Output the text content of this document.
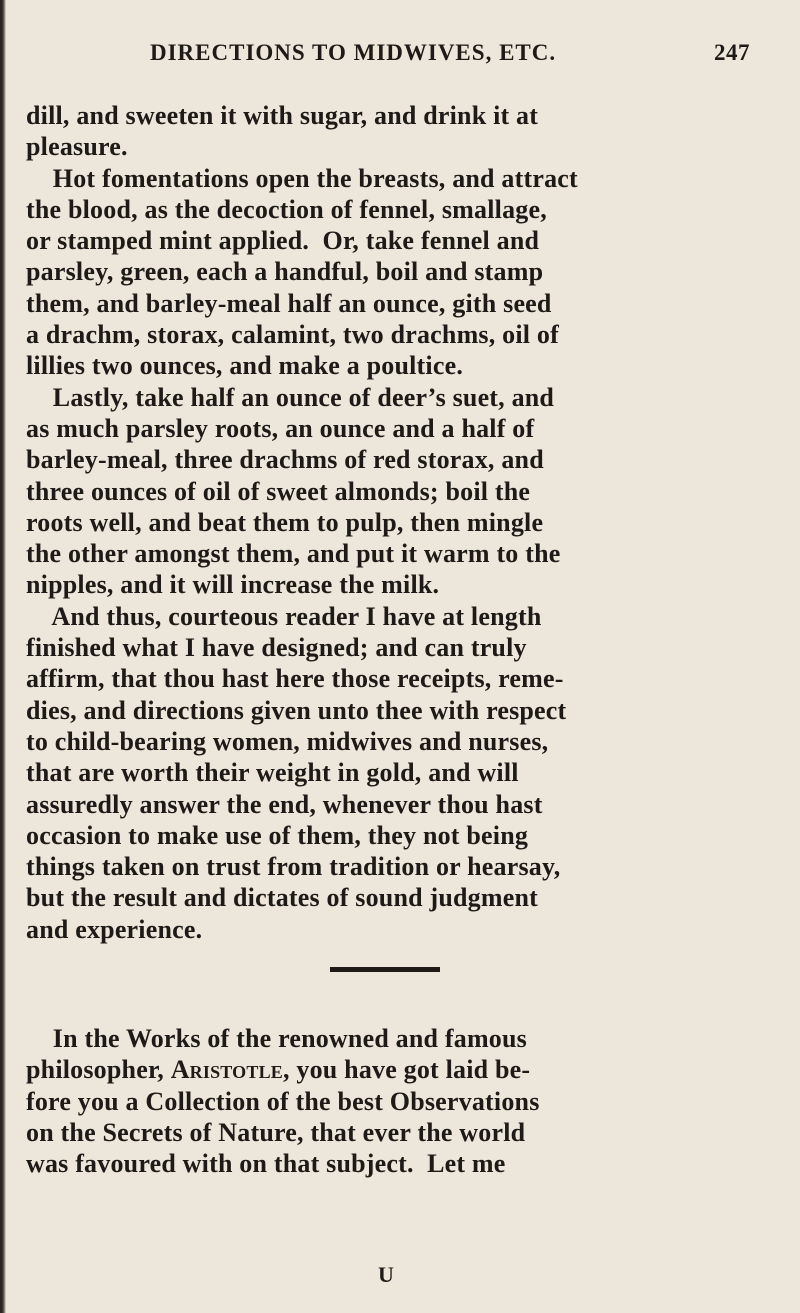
DIRECTIONS TO MIDWIVES, ETC.	247
dill, and sweeten it with sugar, and drink it at
pleasure.
Hot fomentations open the breasts, and attract
the blood, as the decoction of fennel, smallage,
or stamped mint applied.  Or, take fennel and
parsley, green, each a handful, boil and stamp
them, and barley-meal half an ounce, gith seed
a drachm, storax, calamint, two drachms, oil of
lillies two ounces, and make a poultice.
Lastly, take half an ounce of deer’s suet, and
as much parsley roots, an ounce and a half of
barley-meal, three drachms of red storax, and
three ounces of oil of sweet almonds; boil the
roots well, and beat them to pulp, then mingle
the other amongst them, and put it warm to the
nipples, and it will increase the milk.
And thus, courteous reader I have at length
finished what I have designed; and can truly
affirm, that thou hast here those receipts, reme-
dies, and directions given unto thee with respect
to child-bearing women, midwives and nurses,
that are worth their weight in gold, and will
assuredly answer the end, whenever thou hast
occasion to make use of them, they not being
things taken on trust from tradition or hearsay,
but the result and dictates of sound judgment
and experience.
In the Works of the renowned and famous
philosopher, Aristotle, you have got laid be-
fore you a Collection of the best Observations
on the Secrets of Nature, that ever the world
was favoured with on that subject.  Let me
U
